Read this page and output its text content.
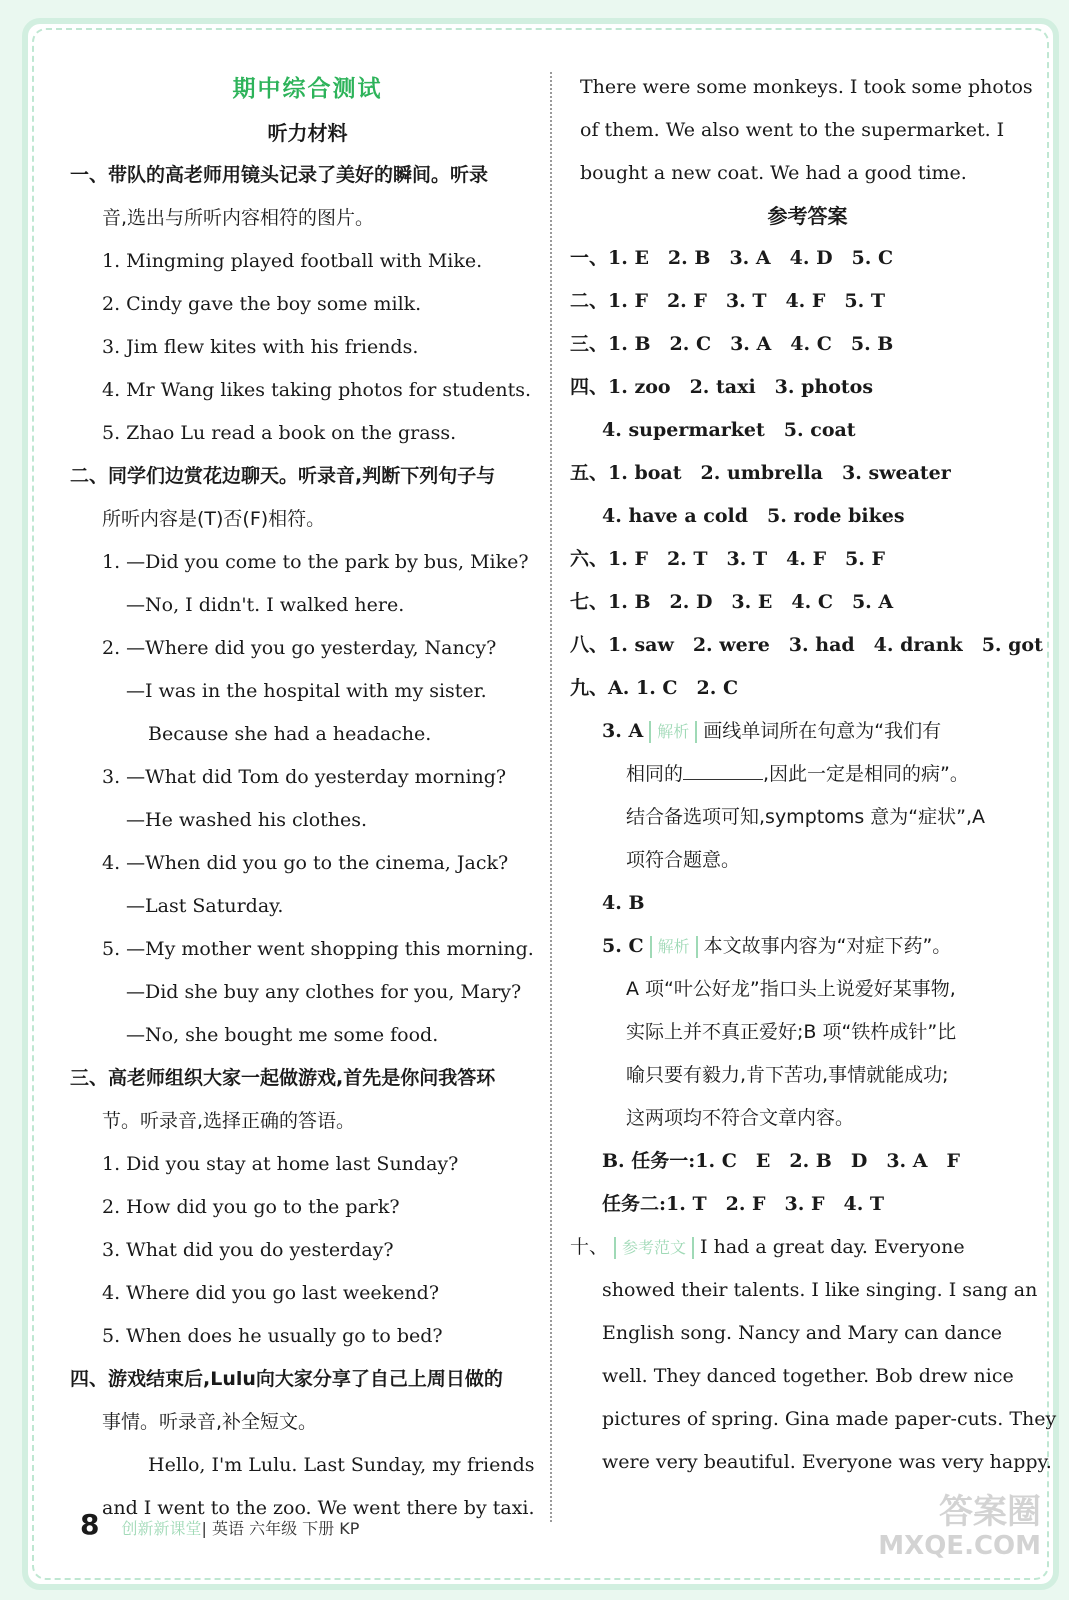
期中综合测试
听力材料
一、带队的高老师用镜头记录了美好的瞬间。听录
音,选出与所听内容相符的图片。
1. Mingming played football with Mike.
2. Cindy gave the boy some milk.
3. Jim flew kites with his friends.
4. Mr Wang likes taking photos for students.
5. Zhao Lu read a book on the grass.
二、同学们边赏花边聊天。听录音,判断下列句子与
所听内容是(T)否(F)相符。
1. —Did you come to the park by bus, Mike?
—No, I didn't. I walked here.
2. —Where did you go yesterday, Nancy?
—I was in the hospital with my sister.
Because she had a headache.
3. —What did Tom do yesterday morning?
—He washed his clothes.
4. —When did you go to the cinema, Jack?
—Last Saturday.
5. —My mother went shopping this morning.
—Did she buy any clothes for you, Mary?
—No, she bought me some food.
三、高老师组织大家一起做游戏,首先是你问我答环
节。听录音,选择正确的答语。
1. Did you stay at home last Sunday?
2. How did you go to the park?
3. What did you do yesterday?
4. Where did you go last weekend?
5. When does he usually go to bed?
四、游戏结束后,Lulu向大家分享了自己上周日做的
事情。听录音,补全短文。
Hello, I'm Lulu. Last Sunday, my friends
and I went to the zoo. We went there by taxi.
There were some monkeys. I took some photos
of them. We also went to the supermarket. I
bought a new coat. We had a good time.
参考答案
一、1. E　2. B　3. A　4. D　5. C
二、1. F　2. F　3. T　4. F　5. T
三、1. B　2. C　3. A　4. C　5. B
四、1. zoo　2. taxi　3. photos
4. supermarket　5. coat
五、1. boat　2. umbrella　3. sweater
4. have a cold　5. rode bikes
六、1. F　2. T　3. T　4. F　5. F
七、1. B　2. D　3. E　4. C　5. A
八、1. saw　2. were　3. had　4. drank　5. got
九、A. 1. C　2. C
3. A 解析 画线单词所在句意为“我们有
相同的	,因此一定是相同的病”。
结合备选项可知,symptoms 意为“症状”,A
项符合题意。
4. B
5. C 解析 本文故事内容为“对症下药”。
A 项“叶公好龙”指口头上说爱好某事物,
实际上并不真正爱好;B 项“铁杵成针”比
喻只要有毅力,肯下苦功,事情就能成功;
这两项均不符合文章内容。
B. 任务一:1. C　E　2. B　D　3. A　F
任务二:1. T　2. F　3. F　4. T
十、 参考范文 I had a great day. Everyone
showed their talents. I like singing. I sang an
English song. Nancy and Mary can dance
well. They danced together. Bob drew nice
pictures of spring. Gina made paper-cuts. They
were very beautiful. Everyone was very happy.
8 创新新课堂 | 英语 六年级 下册 KP	答案圈
MXQE.COM
